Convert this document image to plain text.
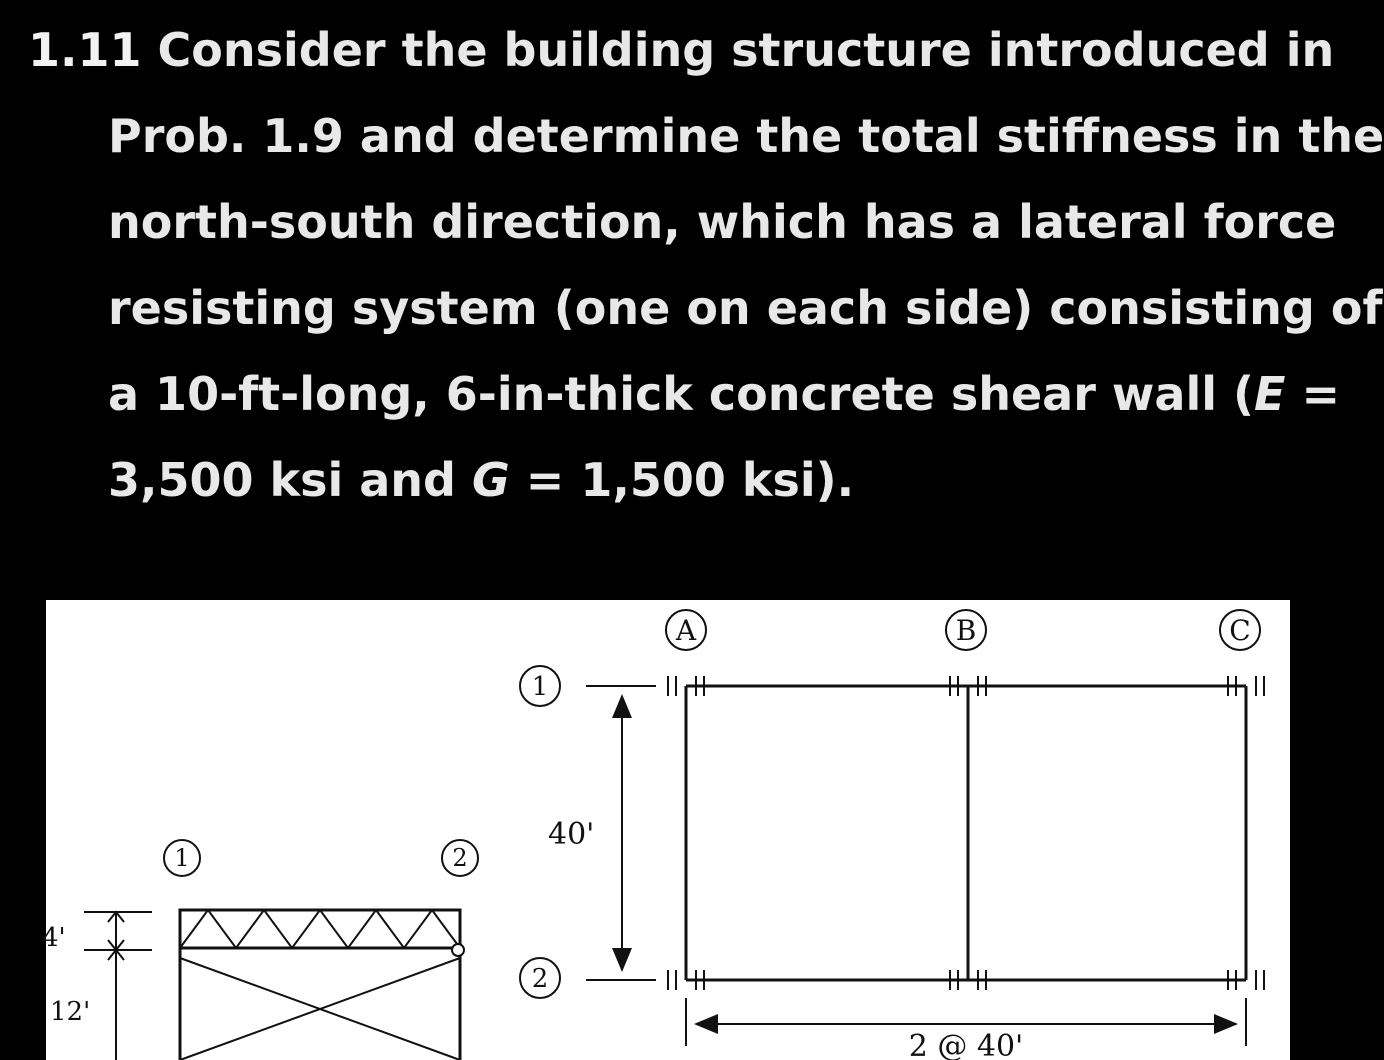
1.11 Consider the building structure introduced in
Prob. 1.9 and determine the total stiffness in the
north-south direction, which has a lateral force
resisting system (one on each side) consisting of
a 10-ft-long, 6-in-thick concrete shear wall (E =
3,500 ksi and G = 1,500 ksi).
1	2
4'
12'
A	B	C
1
2
40'
2 @ 40'
